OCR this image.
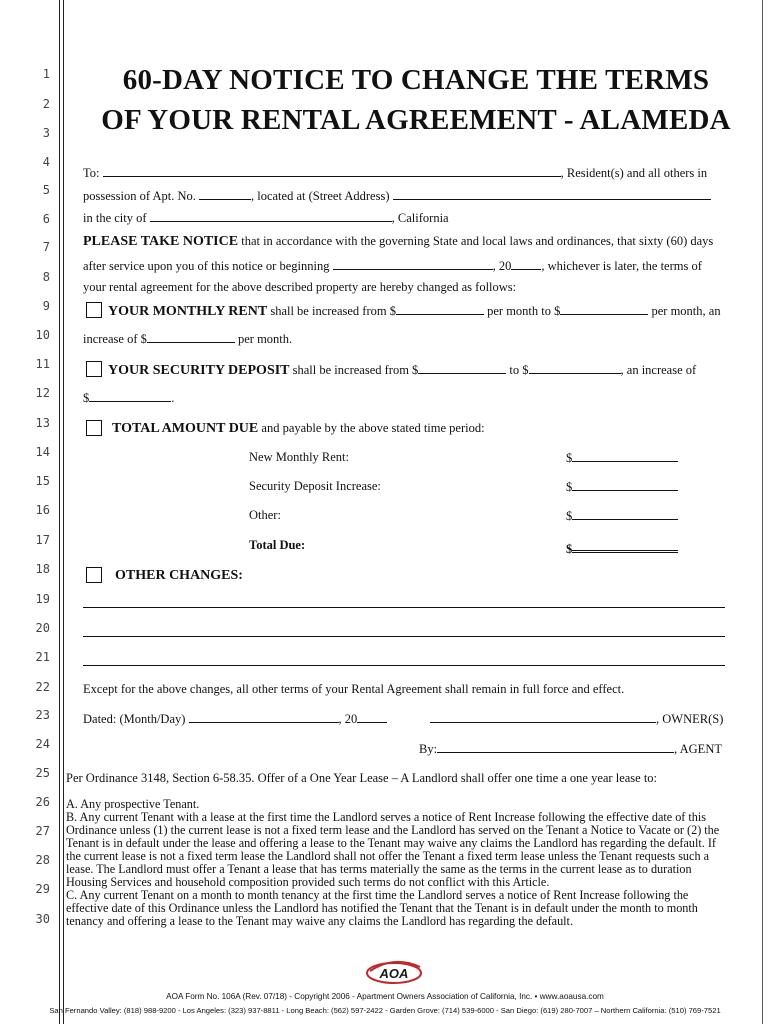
1
2
3
4
5
6
7
8
9
10
11
12
13
14
15
16
17
18
19
20
21
22
23
24
25
26
27
28
29
30
60-DAY NOTICE TO CHANGE THE TERMS
OF YOUR RENTAL AGREEMENT - ALAMEDA
To:	, Resident(s) and all others in
possession of Apt. No.	, located at (Street Address)
in the city of	, California
PLEASE TAKE NOTICE that in accordance with the governing State and local laws and ordinances, that sixty (60) days
after service upon you of this notice or beginning	, 20 , whichever is later, the terms of
your rental agreement for the above described property are hereby changed as follows:
YOUR MONTHLY RENT shall be increased from $	per month to $	per month, an
increase of $	per month.
YOUR SECURITY DEPOSIT shall be increased from $	to $	, an increase of
$	.
TOTAL AMOUNT DUE and payable by the above stated time period:
New Monthly Rent:	$
Security Deposit Increase:	$
Other:	$
Total Due:	$
OTHER CHANGES:
Except for the above changes, all other terms of your Rental Agreement shall remain in full force and effect.
Dated: (Month/Day)	, 20	, OWNER(S)
By:	, AGENT
Per Ordinance 3148, Section 6-58.35. Offer of a One Year Lease – A Landlord shall offer one time a one year lease to:
A. Any prospective Tenant.
B. Any current Tenant with a lease at the first time the Landlord serves a notice of Rent Increase following the effective date of this Ordinance unless (1) the current lease is not a fixed term lease and the Landlord has served on the Tenant a Notice to Vacate or (2) the Tenant is in default under the lease and offering a lease to the Tenant may waive any claims the Landlord has regarding the default. If the current lease is not a fixed term lease the Landlord shall not offer the Tenant a fixed term lease unless the Tenant requests such a lease. The Landlord must offer a Tenant a lease that has terms materially the same as the terms in the current lease as to duration Housing Services and household composition provided such terms do not conflict with this Article.
C. Any current Tenant on a month to month tenancy at the first time the Landlord serves a notice of Rent Increase following the effective date of this Ordinance unless the Landlord has notified the Tenant that the Tenant is in default under the month to month tenancy and offering a lease to the Tenant may waive any claims the Landlord has regarding the default.
AOA
AOA Form No. 106A (Rev. 07/18) - Copyright 2006 - Apartment Owners Association of California, Inc. • www.aoausa.com
San Fernando Valley: (818) 988-9200 - Los Angeles: (323) 937-8811 - Long Beach: (562) 597-2422 - Garden Grove: (714) 539-6000 - San Diego: (619) 280-7007 – Northern California: (510) 769-7521
